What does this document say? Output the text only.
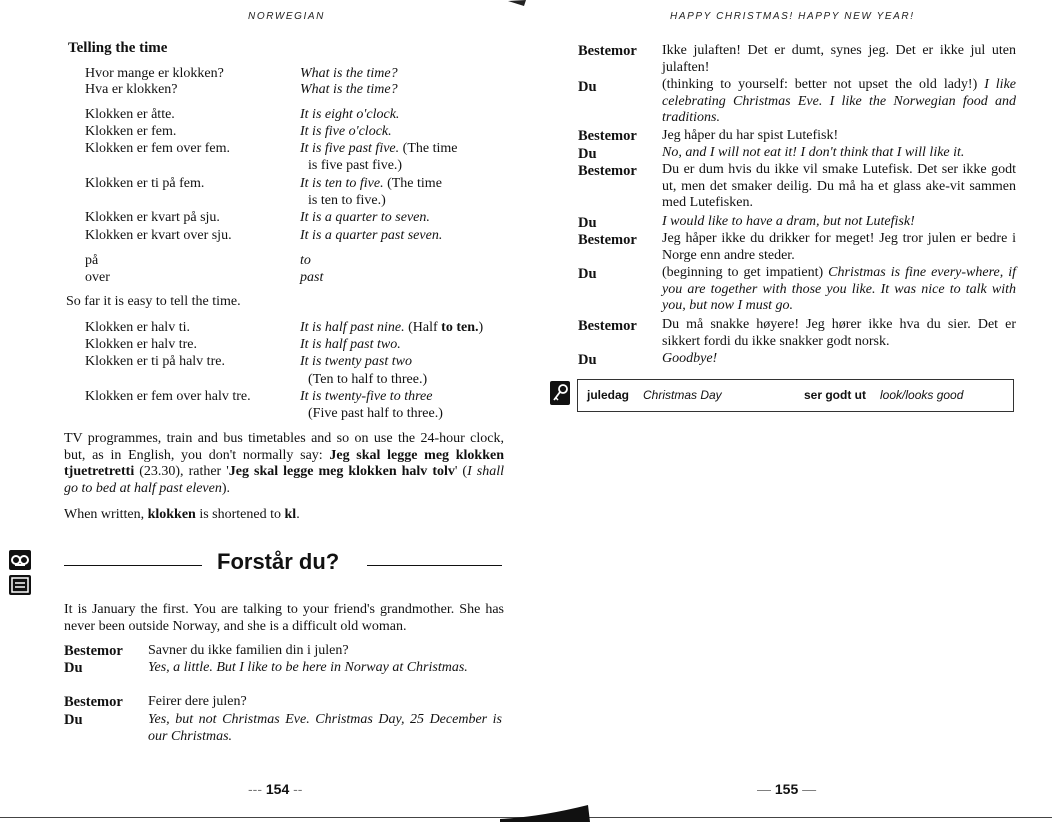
NORWEGIAN
Telling the time
Hvor mange er klokken?	What is the time?
Hva er klokken?	What is the time?
Klokken er åtte.	It is eight o'clock.
Klokken er fem.	It is five o'clock.
Klokken er fem over fem.	It is five past five. (The time
is five past five.)
Klokken er ti på fem.	It is ten to five. (The time
is ten to five.)
Klokken er kvart på sju.	It is a quarter to seven.
Klokken er kvart over sju.	It is a quarter past seven.
på	to
over	past
So far it is easy to tell the time.
Klokken er halv ti.	It is half past nine. (Half to ten.)
Klokken er halv tre.	It is half past two.
Klokken er ti på halv tre.	It is twenty past two
(Ten to half to three.)
Klokken er fem over halv tre.	It is twenty-five to three
(Five past half to three.)
TV programmes, train and bus timetables and so on use the 24-hour clock, but, as in English, you don't normally say: Jeg skal legge meg klokken tjuetretretti (23.30), rather 'Jeg skal legge meg klokken halv tolv' (I shall go to bed at half past eleven).
When written, klokken is shortened to kl.
Forstår du?
It is January the first. You are talking to your friend's grandmother. She has never been outside Norway, and she is a difficult old woman.
Bestemor Savner du ikke familien din i julen?
Du	Yes, a little. But I like to be here in Norway at Christmas.
Bestemor Feirer dere julen?
Du	Yes, but not Christmas Eve. Christmas Day, 25 December is our Christmas.
--- 154 --
HAPPY CHRISTMAS! HAPPY NEW YEAR!
Bestemor Ikke julaften! Det er dumt, synes jeg. Det er ikke jul uten julaften!
Du	(thinking to yourself: better not upset the old lady!) I like celebrating Christmas Eve. I like the Norwegian food and traditions.
Bestemor Jeg håper du har spist Lutefisk!
Du	No, and I will not eat it! I don't think that I will like it.
Bestemor Du er dum hvis du ikke vil smake Lutefisk. Det ser ikke godt ut, men det smaker deilig. Du må ha et glass ake-vit sammen med Lutefisken.
Du	I would like to have a dram, but not Lutefisk!
Bestemor Jeg håper ikke du drikker for meget! Jeg tror julen er bedre i Norge enn andre steder.
Du	(beginning to get impatient) Christmas is fine every-where, if you are together with those you like. It was nice to talk with you, but now I must go.
Bestemor Du må snakke høyere! Jeg hører ikke hva du sier. Det er sikkert fordi du ikke snakker godt norsk.
Du	Goodbye!
juledag Christmas Day	ser godt ut look/looks good
— 155 —
